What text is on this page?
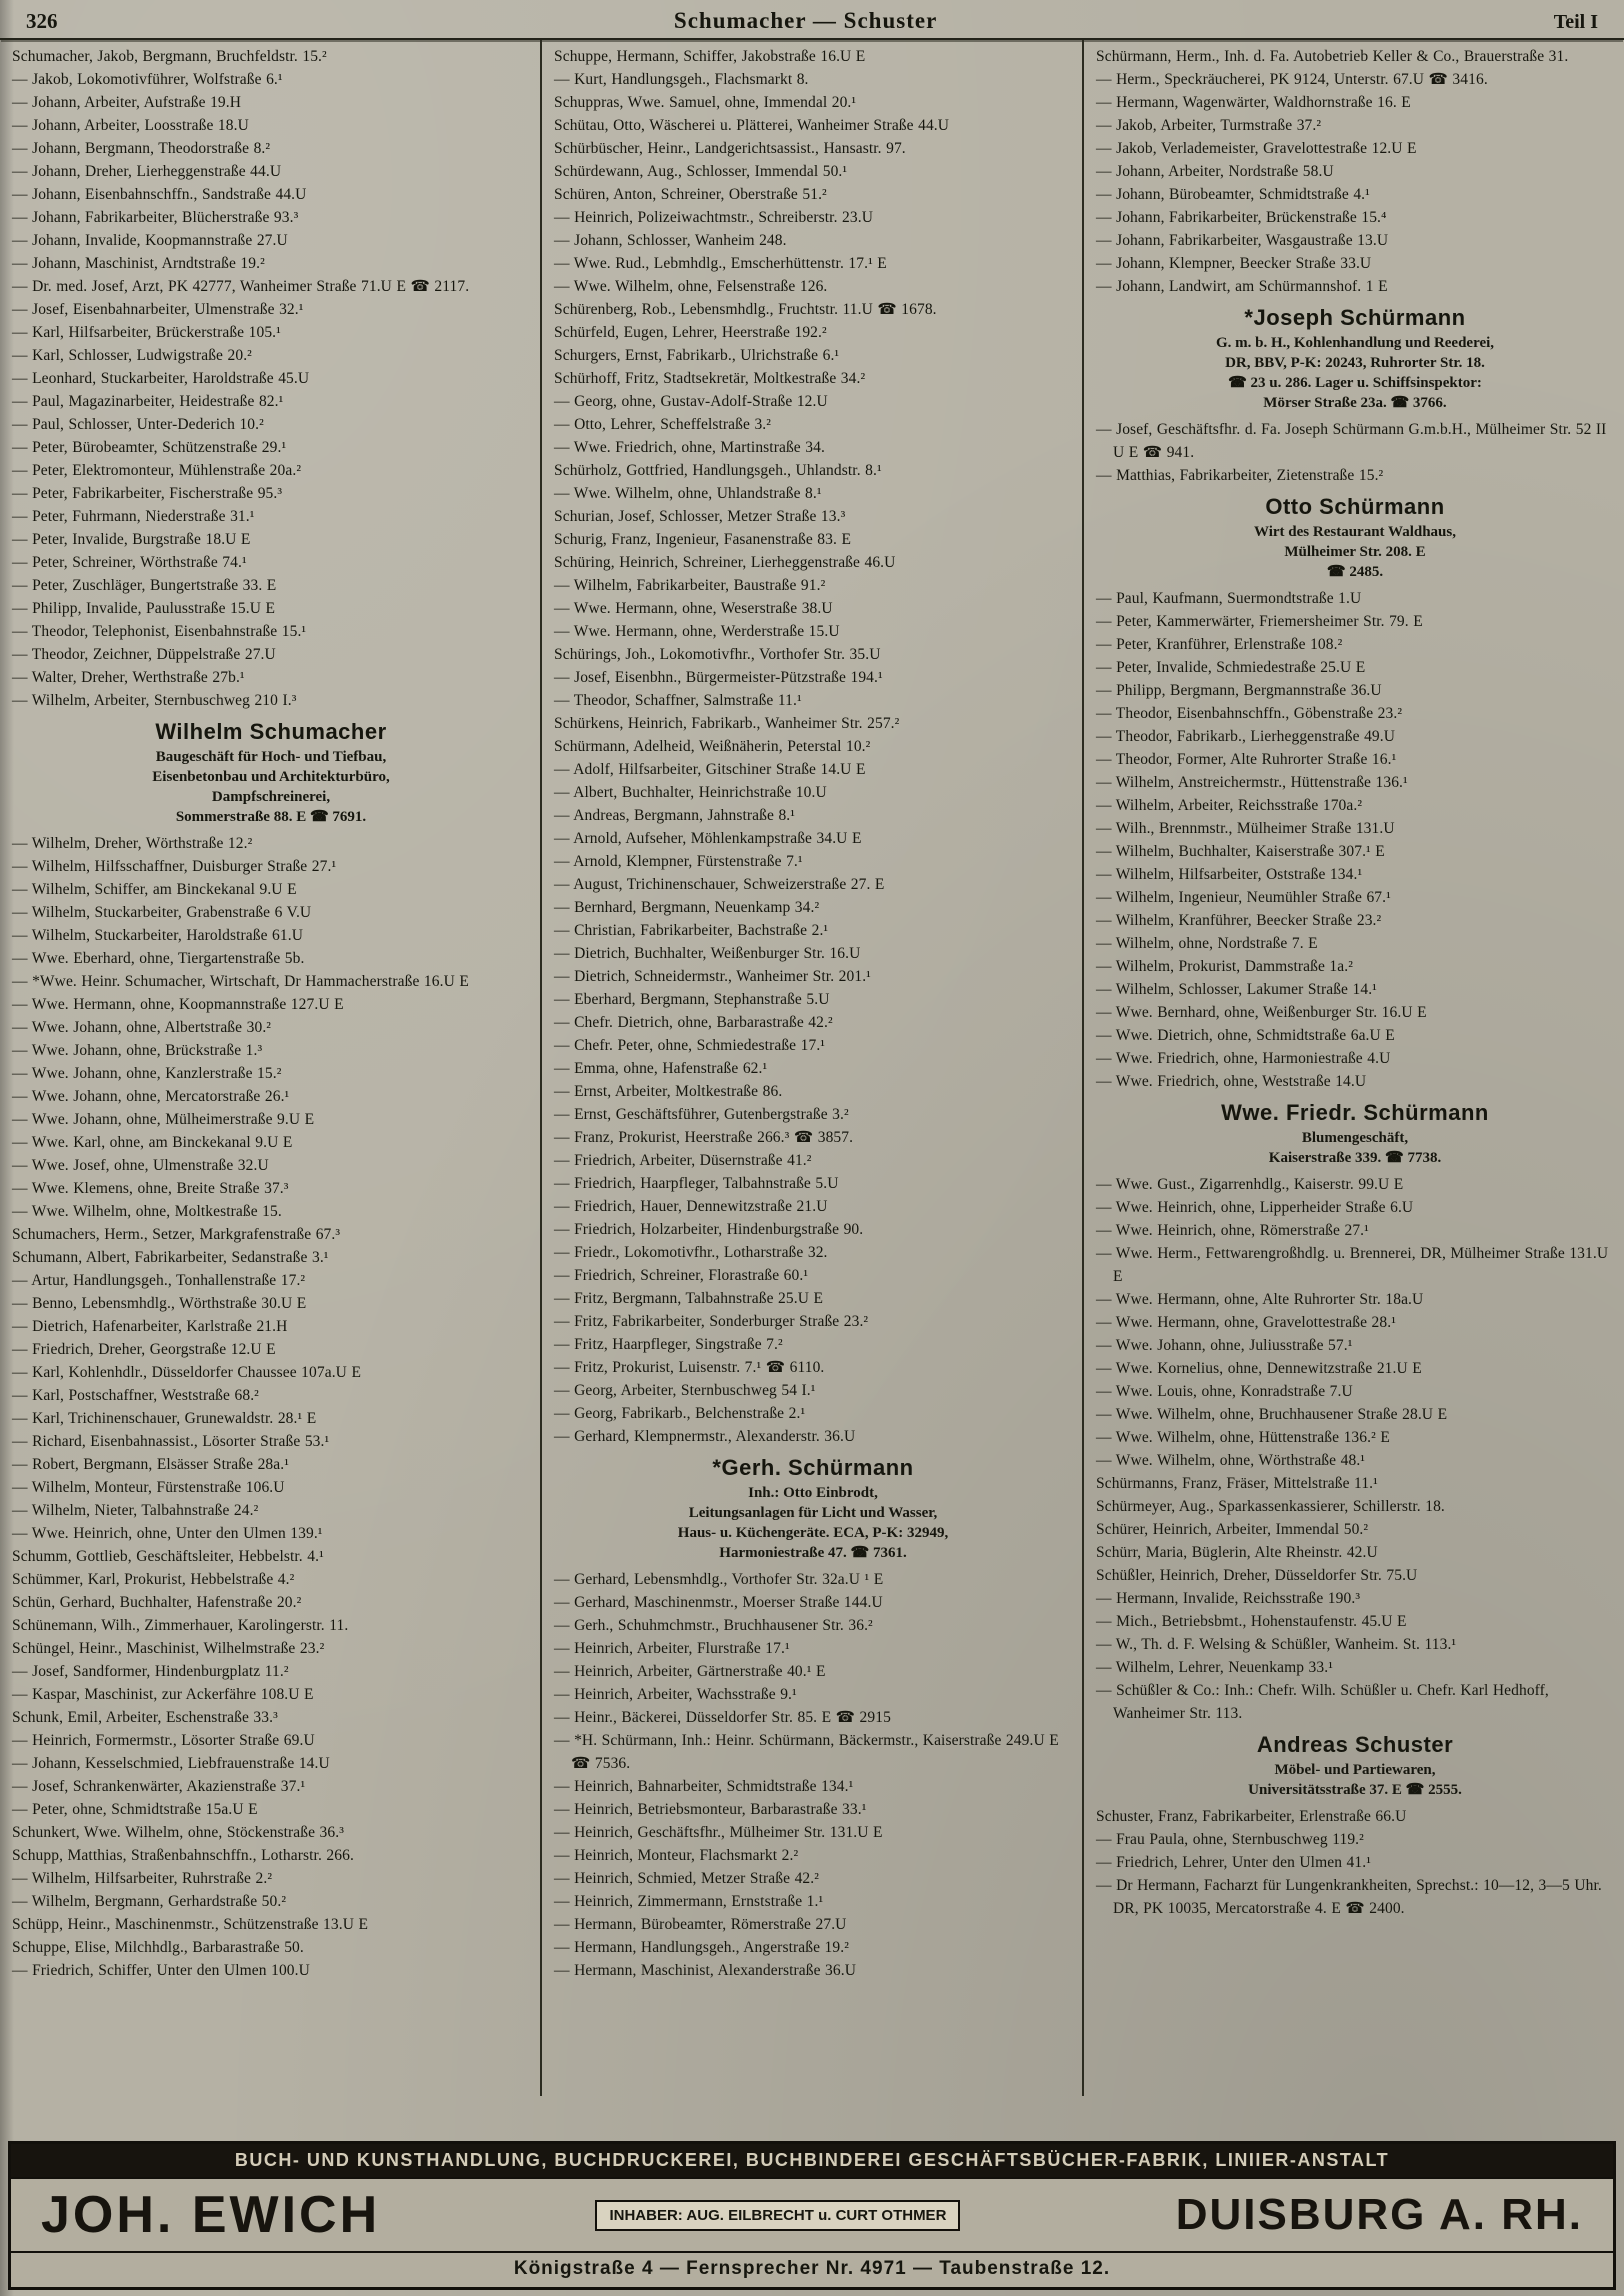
326	Schumacher — Schuster	Teil I
Schumacher, Jakob, Bergmann, Bruchfeldstr. 15.²
— Jakob, Lokomotivführer, Wolfstraße 6.¹
— Johann, Arbeiter, Aufstraße 19.H
— Johann, Arbeiter, Loosstraße 18.U
— Johann, Bergmann, Theodorstraße 8.²
— Johann, Dreher, Lierheggenstraße 44.U
— Johann, Eisenbahnschffn., Sandstraße 44.U
— Johann, Fabrikarbeiter, Blücherstraße 93.³
— Johann, Invalide, Koopmannstraße 27.U
— Johann, Maschinist, Arndtstraße 19.²
— Dr. med. Josef, Arzt, PK 42777, Wanheimer Straße 71.U E ☎ 2117.
— Josef, Eisenbahnarbeiter, Ulmenstraße 32.¹
— Karl, Hilfsarbeiter, Brückerstraße 105.¹
— Karl, Schlosser, Ludwigstraße 20.²
— Leonhard, Stuckarbeiter, Haroldstraße 45.U
— Paul, Magazinarbeiter, Heidestraße 82.¹
— Paul, Schlosser, Unter-Dederich 10.²
— Peter, Bürobeamter, Schützenstraße 29.¹
— Peter, Elektromonteur, Mühlenstraße 20a.²
— Peter, Fabrikarbeiter, Fischerstraße 95.³
— Peter, Fuhrmann, Niederstraße 31.¹
— Peter, Invalide, Burgstraße 18.U E
— Peter, Schreiner, Wörthstraße 74.¹
— Peter, Zuschläger, Bungertstraße 33. E
— Philipp, Invalide, Paulusstraße 15.U E
— Theodor, Telephonist, Eisenbahnstraße 15.¹
— Theodor, Zeichner, Düppelstraße 27.U
— Walter, Dreher, Werthstraße 27b.¹
— Wilhelm, Arbeiter, Sternbuschweg 210 I.³
Wilhelm Schumacher
Baugeschäft für Hoch- und Tiefbau,
Eisenbetonbau und Architekturbüro,
Dampfschreinerei,
Sommerstraße 88. E ☎ 7691.
— Wilhelm, Dreher, Wörthstraße 12.²
— Wilhelm, Hilfsschaffner, Duisburger Straße 27.¹
— Wilhelm, Schiffer, am Binckekanal 9.U E
— Wilhelm, Stuckarbeiter, Grabenstraße 6 V.U
— Wilhelm, Stuckarbeiter, Haroldstraße 61.U
— Wwe. Eberhard, ohne, Tiergartenstraße 5b.
— *Wwe. Heinr. Schumacher, Wirtschaft, Dr Hammacherstraße 16.U E
— Wwe. Hermann, ohne, Koopmannstraße 127.U E
— Wwe. Johann, ohne, Albertstraße 30.²
— Wwe. Johann, ohne, Brückstraße 1.³
— Wwe. Johann, ohne, Kanzlerstraße 15.²
— Wwe. Johann, ohne, Mercatorstraße 26.¹
— Wwe. Johann, ohne, Mülheimerstraße 9.U E
— Wwe. Karl, ohne, am Binckekanal 9.U E
— Wwe. Josef, ohne, Ulmenstraße 32.U
— Wwe. Klemens, ohne, Breite Straße 37.³
— Wwe. Wilhelm, ohne, Moltkestraße 15.
Schumachers, Herm., Setzer, Markgrafenstraße 67.³
Schumann, Albert, Fabrikarbeiter, Sedanstraße 3.¹
— Artur, Handlungsgeh., Tonhallenstraße 17.²
— Benno, Lebensmhdlg., Wörthstraße 30.U E
— Dietrich, Hafenarbeiter, Karlstraße 21.H
— Friedrich, Dreher, Georgstraße 12.U E
— Karl, Kohlenhdlr., Düsseldorfer Chaussee 107a.U E
— Karl, Postschaffner, Weststraße 68.²
— Karl, Trichinenschauer, Grunewaldstr. 28.¹ E
— Richard, Eisenbahnassist., Lösorter Straße 53.¹
— Robert, Bergmann, Elsässer Straße 28a.¹
— Wilhelm, Monteur, Fürstenstraße 106.U
— Wilhelm, Nieter, Talbahnstraße 24.²
— Wwe. Heinrich, ohne, Unter den Ulmen 139.¹
Schumm, Gottlieb, Geschäftsleiter, Hebbelstr. 4.¹
Schümmer, Karl, Prokurist, Hebbelstraße 4.²
Schün, Gerhard, Buchhalter, Hafenstraße 20.²
Schünemann, Wilh., Zimmerhauer, Karolingerstr. 11.
Schüngel, Heinr., Maschinist, Wilhelmstraße 23.²
— Josef, Sandformer, Hindenburgplatz 11.²
— Kaspar, Maschinist, zur Ackerfähre 108.U E
Schunk, Emil, Arbeiter, Eschenstraße 33.³
— Heinrich, Formermstr., Lösorter Straße 69.U
— Johann, Kesselschmied, Liebfrauenstraße 14.U
— Josef, Schrankenwärter, Akazienstraße 37.¹
— Peter, ohne, Schmidtstraße 15a.U E
Schunkert, Wwe. Wilhelm, ohne, Stöckenstraße 36.³
Schupp, Matthias, Straßenbahnschffn., Lotharstr. 266.
— Wilhelm, Hilfsarbeiter, Ruhrstraße 2.²
— Wilhelm, Bergmann, Gerhardstraße 50.²
Schüpp, Heinr., Maschinenmstr., Schützenstraße 13.U E
Schuppe, Elise, Milchhdlg., Barbarastraße 50.
— Friedrich, Schiffer, Unter den Ulmen 100.U
Schuppe, Hermann, Schiffer, Jakobstraße 16.U E
— Kurt, Handlungsgeh., Flachsmarkt 8.
Schuppras, Wwe. Samuel, ohne, Immendal 20.¹
Schütau, Otto, Wäscherei u. Plätterei, Wanheimer Straße 44.U
Schürbüscher, Heinr., Landgerichtsassist., Hansastr. 97.
Schürdewann, Aug., Schlosser, Immendal 50.¹
Schüren, Anton, Schreiner, Oberstraße 51.²
— Heinrich, Polizeiwachtmstr., Schreiberstr. 23.U
— Johann, Schlosser, Wanheim 248.
— Wwe. Rud., Lebmhdlg., Emscherhüttenstr. 17.¹ E
— Wwe. Wilhelm, ohne, Felsenstraße 126.
Schürenberg, Rob., Lebensmhdlg., Fruchtstr. 11.U ☎ 1678.
Schürfeld, Eugen, Lehrer, Heerstraße 192.²
Schurgers, Ernst, Fabrikarb., Ulrichstraße 6.¹
Schürhoff, Fritz, Stadtsekretär, Moltkestraße 34.²
— Georg, ohne, Gustav-Adolf-Straße 12.U
— Otto, Lehrer, Scheffelstraße 3.²
— Wwe. Friedrich, ohne, Martinstraße 34.
Schürholz, Gottfried, Handlungsgeh., Uhlandstr. 8.¹
— Wwe. Wilhelm, ohne, Uhlandstraße 8.¹
Schurian, Josef, Schlosser, Metzer Straße 13.³
Schurig, Franz, Ingenieur, Fasanenstraße 83. E
Schüring, Heinrich, Schreiner, Lierheggenstraße 46.U
— Wilhelm, Fabrikarbeiter, Baustraße 91.²
— Wwe. Hermann, ohne, Weserstraße 38.U
— Wwe. Hermann, ohne, Werderstraße 15.U
Schürings, Joh., Lokomotivfhr., Vorthofer Str. 35.U
— Josef, Eisenbhn., Bürgermeister-Pützstraße 194.¹
— Theodor, Schaffner, Salmstraße 11.¹
Schürkens, Heinrich, Fabrikarb., Wanheimer Str. 257.²
Schürmann, Adelheid, Weißnäherin, Peterstal 10.²
— Adolf, Hilfsarbeiter, Gitschiner Straße 14.U E
— Albert, Buchhalter, Heinrichstraße 10.U
— Andreas, Bergmann, Jahnstraße 8.¹
— Arnold, Aufseher, Möhlenkampstraße 34.U E
— Arnold, Klempner, Fürstenstraße 7.¹
— August, Trichinenschauer, Schweizerstraße 27. E
— Bernhard, Bergmann, Neuenkamp 34.²
— Christian, Fabrikarbeiter, Bachstraße 2.¹
— Dietrich, Buchhalter, Weißenburger Str. 16.U
— Dietrich, Schneidermstr., Wanheimer Str. 201.¹
— Eberhard, Bergmann, Stephanstraße 5.U
— Chefr. Dietrich, ohne, Barbarastraße 42.²
— Chefr. Peter, ohne, Schmiedestraße 17.¹
— Emma, ohne, Hafenstraße 62.¹
— Ernst, Arbeiter, Moltkestraße 86.
— Ernst, Geschäftsführer, Gutenbergstraße 3.²
— Franz, Prokurist, Heerstraße 266.³ ☎ 3857.
— Friedrich, Arbeiter, Düsernstraße 41.²
— Friedrich, Haarpfleger, Talbahnstraße 5.U
— Friedrich, Hauer, Dennewitzstraße 21.U
— Friedrich, Holzarbeiter, Hindenburgstraße 90.
— Friedr., Lokomotivfhr., Lotharstraße 32.
— Friedrich, Schreiner, Florastraße 60.¹
— Fritz, Bergmann, Talbahnstraße 25.U E
— Fritz, Fabrikarbeiter, Sonderburger Straße 23.²
— Fritz, Haarpfleger, Singstraße 7.²
— Fritz, Prokurist, Luisenstr. 7.¹ ☎ 6110.
— Georg, Arbeiter, Sternbuschweg 54 I.¹
— Georg, Fabrikarb., Belchenstraße 2.¹
— Gerhard, Klempnermstr., Alexanderstr. 36.U
*Gerh. Schürmann
Inh.: Otto Einbrodt,
Leitungsanlagen für Licht und Wasser,
Haus- u. Küchengeräte. ECA, P-K: 32949,
Harmoniestraße 47. ☎ 7361.
— Gerhard, Lebensmhdlg., Vorthofer Str. 32a.U ¹ E
— Gerhard, Maschinenmstr., Moerser Straße 144.U
— Gerh., Schuhmchmstr., Bruchhausener Str. 36.²
— Heinrich, Arbeiter, Flurstraße 17.¹
— Heinrich, Arbeiter, Gärtnerstraße 40.¹ E
— Heinrich, Arbeiter, Wachsstraße 9.¹
— Heinr., Bäckerei, Düsseldorfer Str. 85. E ☎ 2915
— *H. Schürmann, Inh.: Heinr. Schürmann, Bäckermstr., Kaiserstraße 249.U E ☎ 7536.
— Heinrich, Bahnarbeiter, Schmidtstraße 134.¹
— Heinrich, Betriebsmonteur, Barbarastraße 33.¹
— Heinrich, Geschäftsfhr., Mülheimer Str. 131.U E
— Heinrich, Monteur, Flachsmarkt 2.²
— Heinrich, Schmied, Metzer Straße 42.²
— Heinrich, Zimmermann, Ernststraße 1.¹
— Hermann, Bürobeamter, Römerstraße 27.U
— Hermann, Handlungsgeh., Angerstraße 19.²
— Hermann, Maschinist, Alexanderstraße 36.U
Schürmann, Herm., Inh. d. Fa. Autobetrieb Keller & Co., Brauerstraße 31.
— Herm., Speckräucherei, PK 9124, Unterstr. 67.U ☎ 3416.
— Hermann, Wagenwärter, Waldhornstraße 16. E
— Jakob, Arbeiter, Turmstraße 37.²
— Jakob, Verlademeister, Gravelottestraße 12.U E
— Johann, Arbeiter, Nordstraße 58.U
— Johann, Bürobeamter, Schmidtstraße 4.¹
— Johann, Fabrikarbeiter, Brückenstraße 15.⁴
— Johann, Fabrikarbeiter, Wasgaustraße 13.U
— Johann, Klempner, Beecker Straße 33.U
— Johann, Landwirt, am Schürmannshof. 1 E
*Joseph Schürmann
G. m. b. H., Kohlenhandlung und Reederei,
DR, BBV, P-K: 20243, Ruhrorter Str. 18.
☎ 23 u. 286. Lager u. Schiffsinspektor:
Mörser Straße 23a. ☎ 3766.
— Josef, Geschäftsfhr. d. Fa. Joseph Schürmann G.m.b.H., Mülheimer Str. 52 II U E ☎ 941.
— Matthias, Fabrikarbeiter, Zietenstraße 15.²
Otto Schürmann
Wirt des Restaurant Waldhaus,
Mülheimer Str. 208. E
☎ 2485.
— Paul, Kaufmann, Suermondtstraße 1.U
— Peter, Kammerwärter, Friemersheimer Str. 79. E
— Peter, Kranführer, Erlenstraße 108.²
— Peter, Invalide, Schmiedestraße 25.U E
— Philipp, Bergmann, Bergmannstraße 36.U
— Theodor, Eisenbahnschffn., Göbenstraße 23.²
— Theodor, Fabrikarb., Lierheggenstraße 49.U
— Theodor, Former, Alte Ruhrorter Straße 16.¹
— Wilhelm, Anstreichermstr., Hüttenstraße 136.¹
— Wilhelm, Arbeiter, Reichsstraße 170a.²
— Wilh., Brennmstr., Mülheimer Straße 131.U
— Wilhelm, Buchhalter, Kaiserstraße 307.¹ E
— Wilhelm, Hilfsarbeiter, Oststraße 134.¹
— Wilhelm, Ingenieur, Neumühler Straße 67.¹
— Wilhelm, Kranführer, Beecker Straße 23.²
— Wilhelm, ohne, Nordstraße 7. E
— Wilhelm, Prokurist, Dammstraße 1a.²
— Wilhelm, Schlosser, Lakumer Straße 14.¹
— Wwe. Bernhard, ohne, Weißenburger Str. 16.U E
— Wwe. Dietrich, ohne, Schmidtstraße 6a.U E
— Wwe. Friedrich, ohne, Harmoniestraße 4.U
— Wwe. Friedrich, ohne, Weststraße 14.U
Wwe. Friedr. Schürmann
Blumengeschäft,
Kaiserstraße 339. ☎ 7738.
— Wwe. Gust., Zigarrenhdlg., Kaiserstr. 99.U E
— Wwe. Heinrich, ohne, Lipperheider Straße 6.U
— Wwe. Heinrich, ohne, Römerstraße 27.¹
— Wwe. Herm., Fettwarengroßhdlg. u. Brennerei, DR, Mülheimer Straße 131.U E
— Wwe. Hermann, ohne, Alte Ruhrorter Str. 18a.U
— Wwe. Hermann, ohne, Gravelottestraße 28.¹
— Wwe. Johann, ohne, Juliusstraße 57.¹
— Wwe. Kornelius, ohne, Dennewitzstraße 21.U E
— Wwe. Louis, ohne, Konradstraße 7.U
— Wwe. Wilhelm, ohne, Bruchhausener Straße 28.U E
— Wwe. Wilhelm, ohne, Hüttenstraße 136.² E
— Wwe. Wilhelm, ohne, Wörthstraße 48.¹
Schürmanns, Franz, Fräser, Mittelstraße 11.¹
Schürmeyer, Aug., Sparkassenkassierer, Schillerstr. 18.
Schürer, Heinrich, Arbeiter, Immendal 50.²
Schürr, Maria, Büglerin, Alte Rheinstr. 42.U
Schüßler, Heinrich, Dreher, Düsseldorfer Str. 75.U
— Hermann, Invalide, Reichsstraße 190.³
— Mich., Betriebsbmt., Hohenstaufenstr. 45.U E
— W., Th. d. F. Welsing & Schüßler, Wanheim. St. 113.¹
— Wilhelm, Lehrer, Neuenkamp 33.¹
— Schüßler & Co.: Inh.: Chefr. Wilh. Schüßler u. Chefr. Karl Hedhoff, Wanheimer Str. 113.
Andreas Schuster
Möbel- und Partiewaren,
Universitätsstraße 37. E ☎ 2555.
Schuster, Franz, Fabrikarbeiter, Erlenstraße 66.U
— Frau Paula, ohne, Sternbuschweg 119.²
— Friedrich, Lehrer, Unter den Ulmen 41.¹
— Dr Hermann, Facharzt für Lungenkrankheiten, Sprechst.: 10—12, 3—5 Uhr. DR, PK 10035, Mercatorstraße 4. E ☎ 2400.
BUCH- UND KUNSTHANDLUNG, BUCHDRUCKEREI, BUCHBINDEREI GESCHÄFTSBÜCHER-FABRIK, LINIIER-ANSTALT
JOH. EWICH	INHABER: AUG. EILBRECHT u. CURT OTHMER	DUISBURG A. RH.
Königstraße 4 — Fernsprecher Nr. 4971 — Taubenstraße 12.
